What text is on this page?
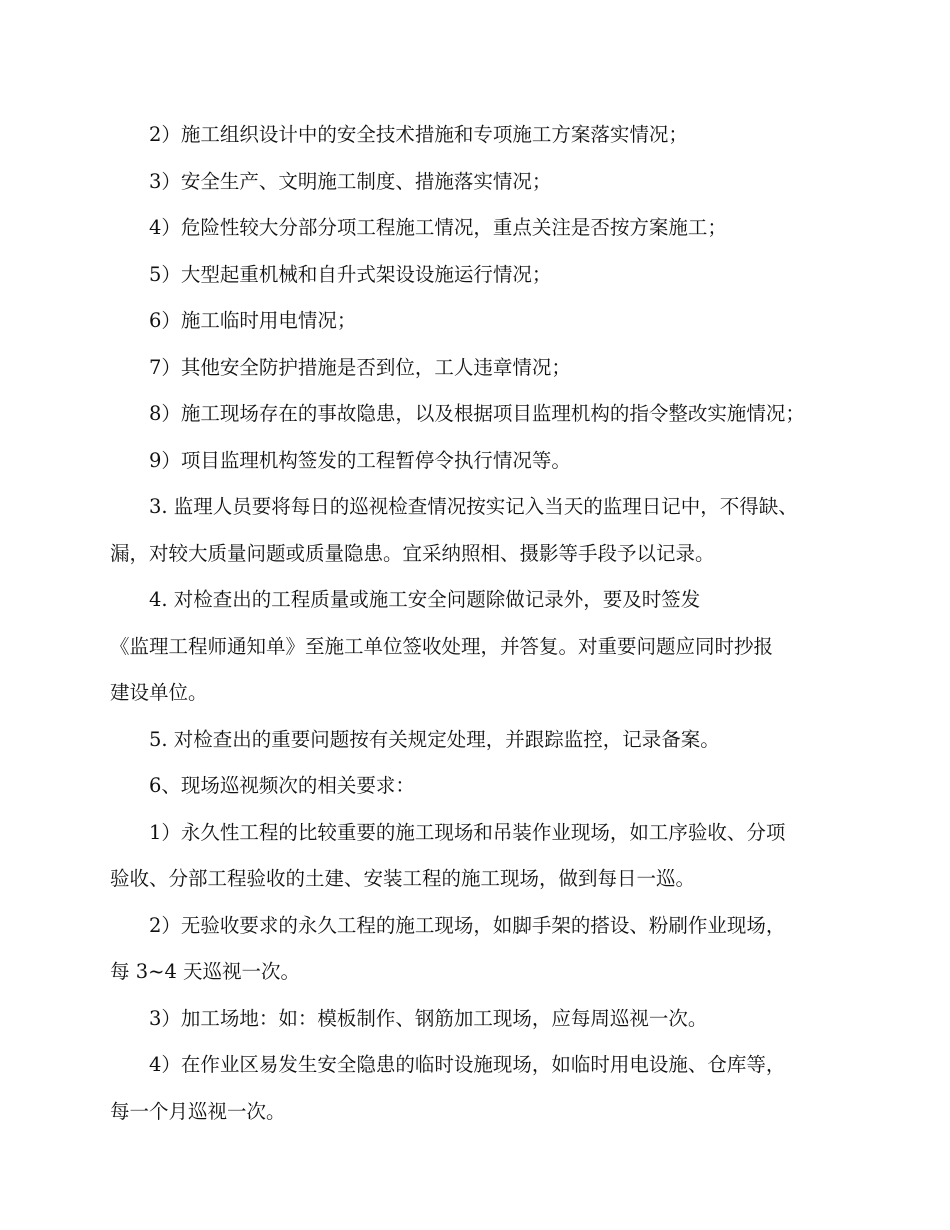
2）施工组织设计中的安全技术措施和专项施工方案落实情况；

3）安全生产、文明施工制度、措施落实情况；

4）危险性较大分部分项工程施工情况，重点关注是否按方案施工；

5）大型起重机械和自升式架设设施运行情况；

6）施工临时用电情况；

7）其他安全防护措施是否到位，工人违章情况；

8）施工现场存在的事故隐患，以及根据项目监理机构的指令整改实施情况；

9）项目监理机构签发的工程暂停令执行情况等。

3. 监理人员要将每日的巡视检查情况按实记入当天的监理日记中，不得缺、
漏，对较大质量问题或质量隐患。宜采纳照相、摄影等手段予以记录。

4. 对检查出的工程质量或施工安全问题除做记录外，要及时签发
《监理工程师通知单》至施工单位签收处理，并答复。对重要问题应同时抄报
建设单位。

5. 对检查出的重要问题按有关规定处理，并跟踪监控，记录备案。

6、现场巡视频次的相关要求：

1）永久性工程的比较重要的施工现场和吊装作业现场，如工序验收、分项
验收、分部工程验收的土建、安装工程的施工现场，做到每日一巡。

2）无验收要求的永久工程的施工现场，如脚手架的搭设、粉刷作业现场，
每 3~4 天巡视一次。

3）加工场地：如：模板制作、钢筋加工现场，应每周巡视一次。

4）在作业区易发生安全隐患的临时设施现场，如临时用电设施、仓库等，
每一个月巡视一次。
